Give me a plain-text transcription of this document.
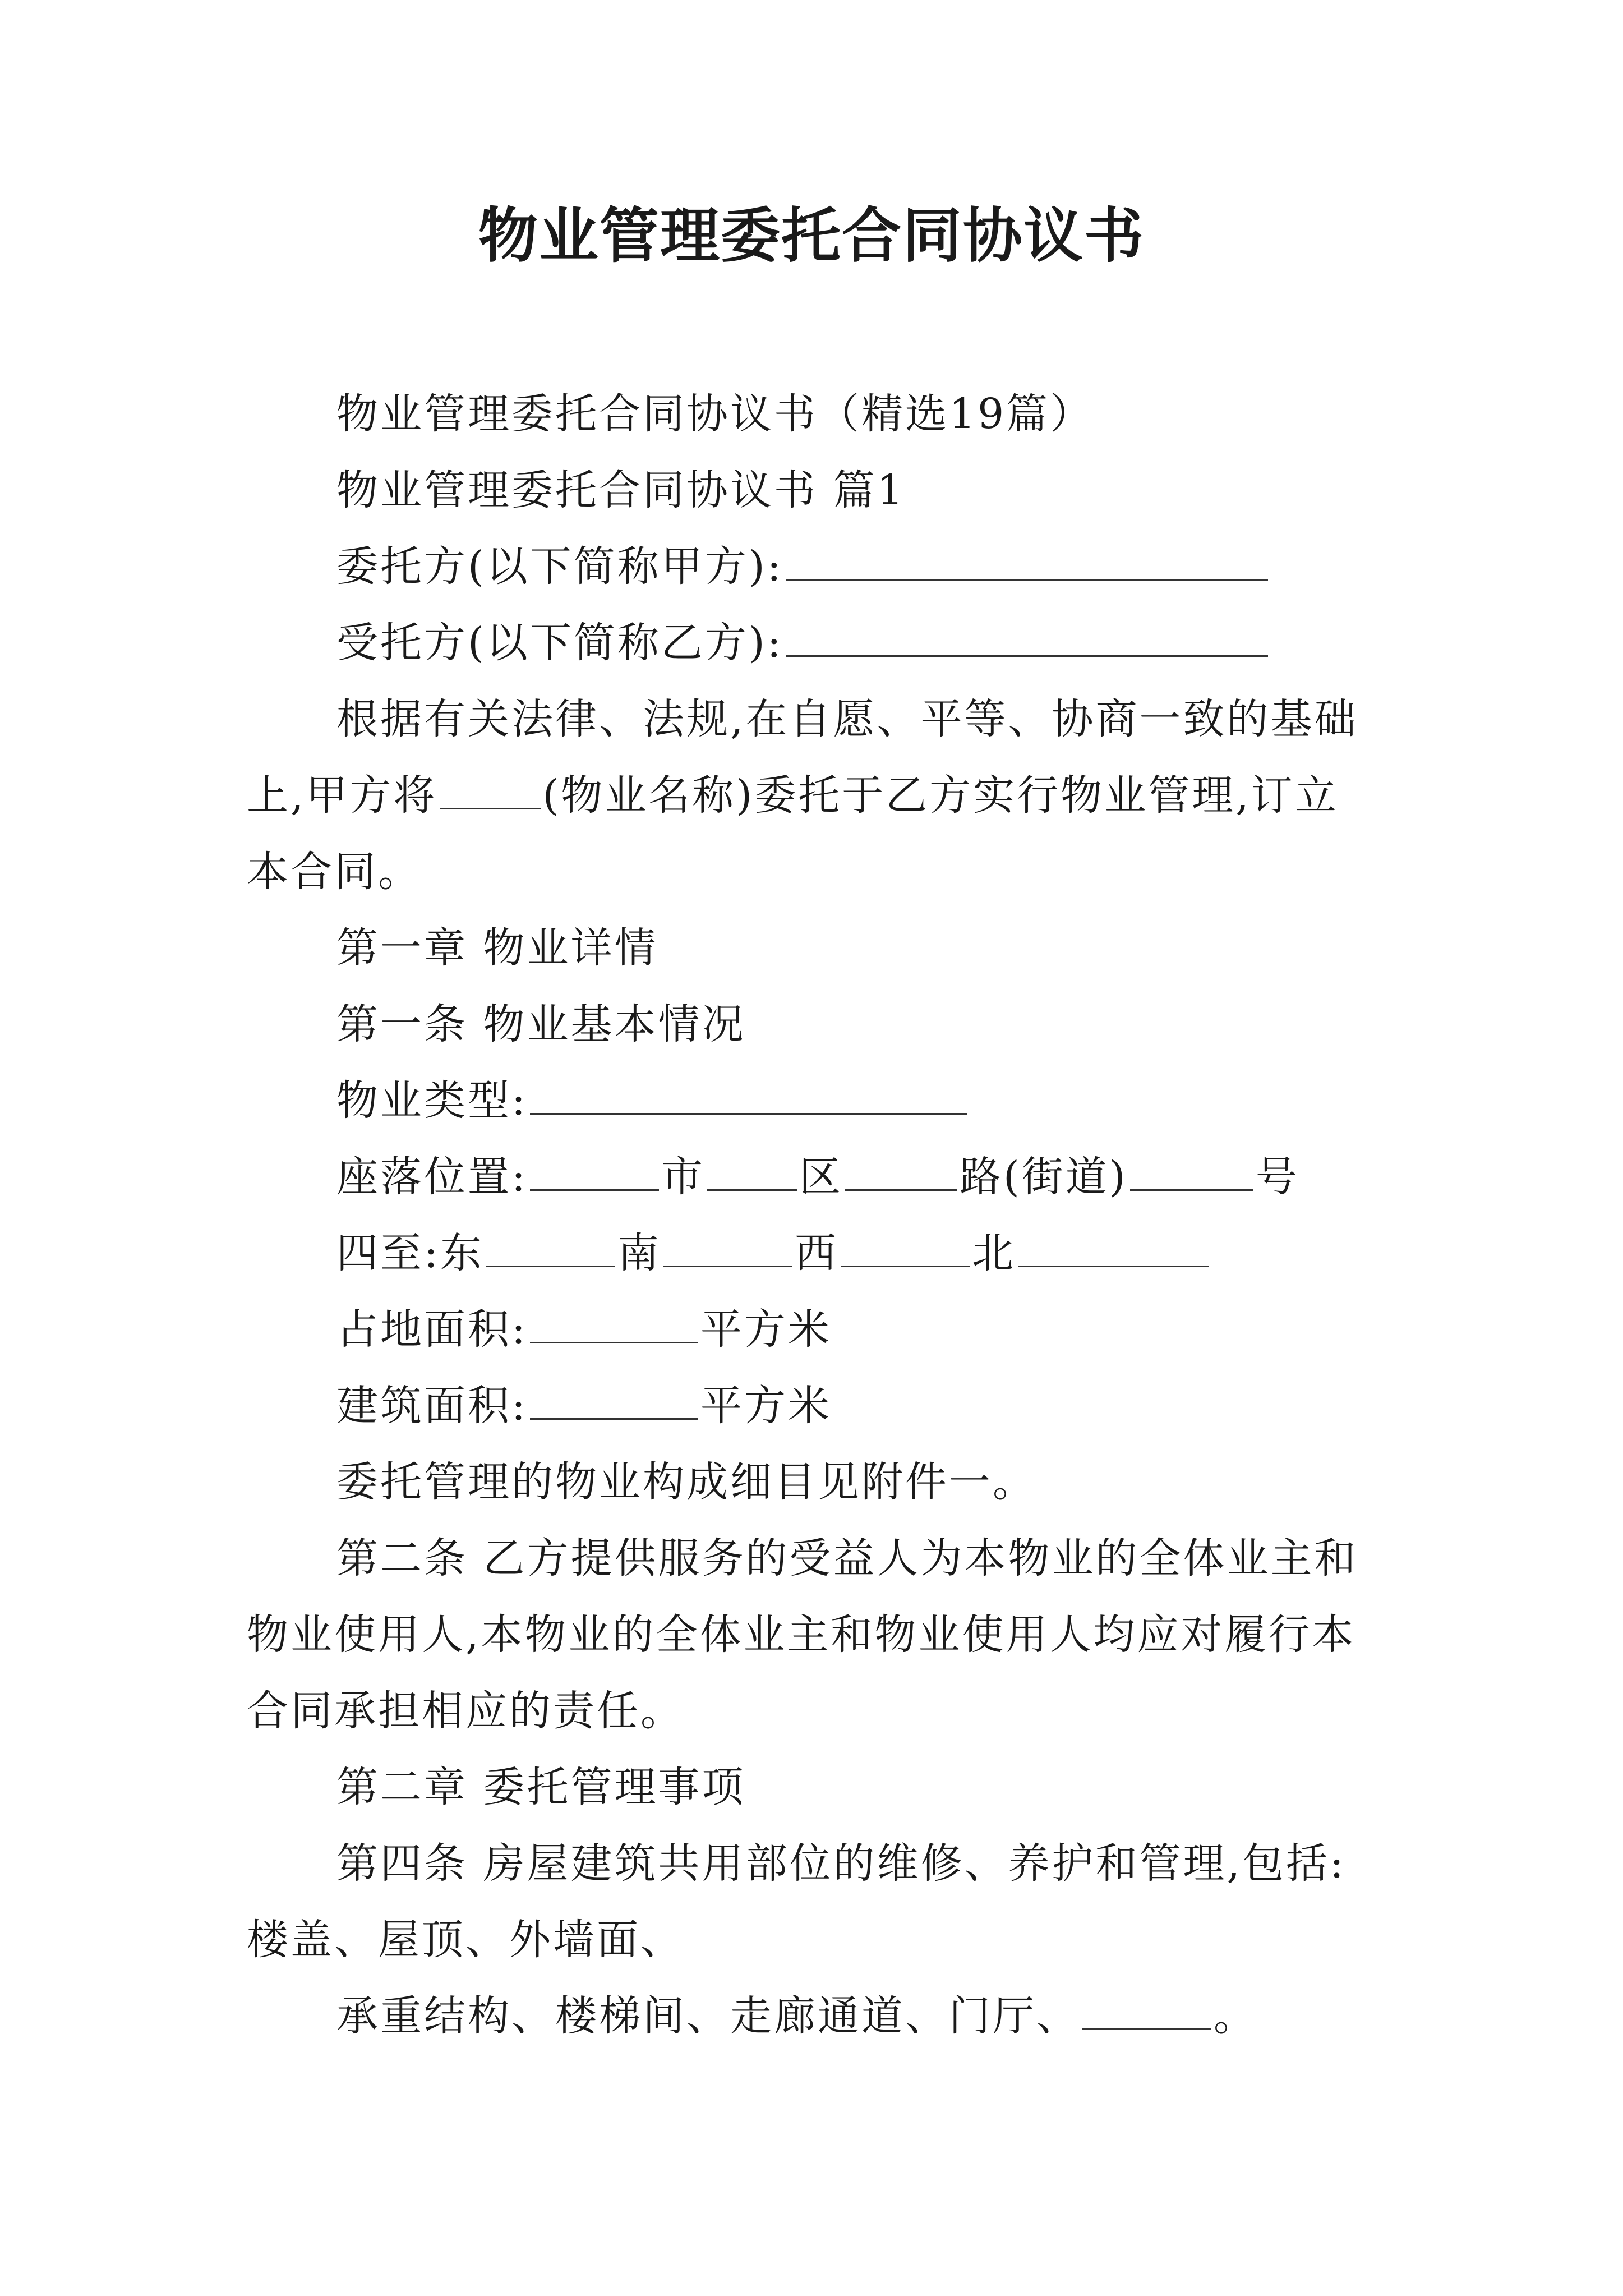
物业管理委托合同协议书
物业管理委托合同协议书（精选19篇）
物业管理委托合同协议书 篇1
委托方(以下简称甲方):
受托方(以下简称乙方):
根据有关法律、法规,在自愿、平等、协商一致的基础
上,甲方将	(物业名称)委托于乙方实行物业管理,订立
本合同。
第一章 物业详情
第一条 物业基本情况
物业类型:
座落位置:	市 区	路(街道)	号
四至:东	南	西	北
占地面积:	平方米
建筑面积:	平方米
委托管理的物业构成细目见附件一。
第二条 乙方提供服务的受益人为本物业的全体业主和
物业使用人,本物业的全体业主和物业使用人均应对履行本
合同承担相应的责任。
第二章 委托管理事项
第四条 房屋建筑共用部位的维修、养护和管理,包括:
楼盖、屋顶、外墙面、
承重结构、楼梯间、走廊通道、门厅、	。
